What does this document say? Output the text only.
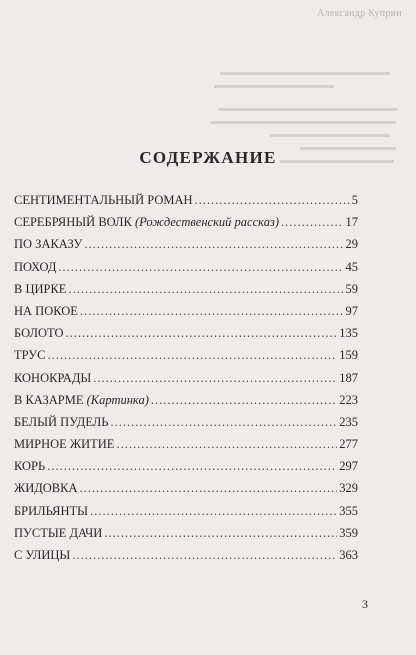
Александр Куприн
СОДЕРЖАНИЕ
СЕНТИМЕНТАЛЬНЫЙ РОМАН .....	5
СЕРЕБРЯНЫЙ ВОЛК (Рождественский рассказ) .....	17
ПО ЗАКАЗУ .....	29
ПОХОД .....	45
В ЦИРКЕ .....	59
НА ПОКОЕ .....	97
БОЛОТО .....	135
ТРУС .....	159
КОНОКРАДЫ .....	187
В КАЗАРМЕ (Картинка) .....	223
БЕЛЫЙ ПУДЕЛЬ .....	235
МИРНОЕ ЖИТИЕ .....	277
КОРЬ .....	297
ЖИДОВКА .....	329
БРИЛЬЯНТЫ .....	355
ПУСТЫЕ ДАЧИ .....	359
С УЛИЦЫ .....	363
3
